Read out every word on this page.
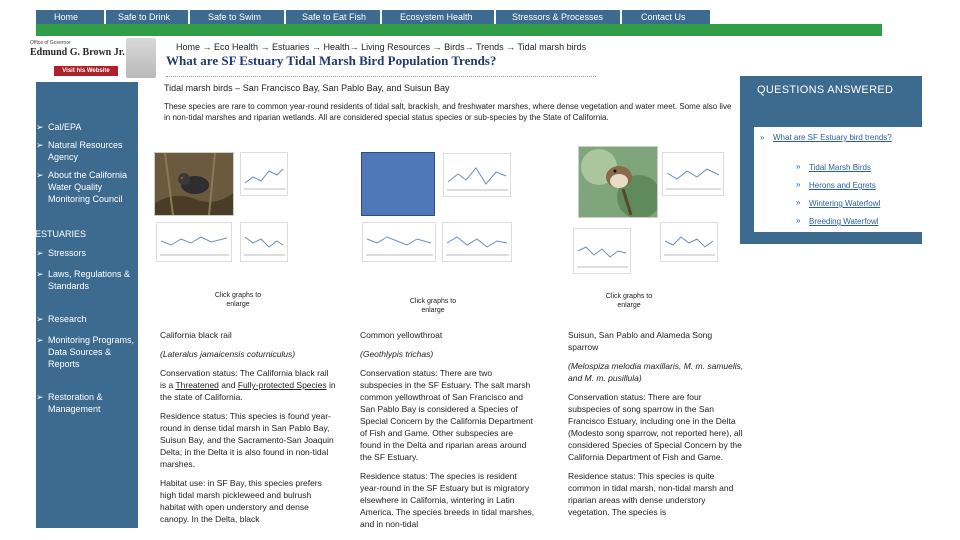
Home	Safe to Drink	Safe to Swim	Safe to Eat Fish	Ecosystem Health	Stressors & Processes	Contact Us
Office of Governor
Edmund G. Brown Jr.
Visit his Website
Home → Eco Health → Estuaries → Health→ Living Resources → Birds→ Trends → Tidal marsh birds
What are SF Estuary Tidal Marsh Bird Population Trends?
➢ Cal/EPA
➢ Natural Resources Agency
➢ About the California Water Quality Monitoring Council
ESTUARIES
➢ Stressors
➢ Laws, Regulations & Standards
➢ Research
➢ Monitoring Programs, Data Sources & Reports
➢ Restoration & Management
Tidal marsh birds – San Francisco Bay, San Pablo Bay, and Suisun Bay
These species are rare to common year-round residents of tidal salt, brackish, and freshwater marshes, where dense vegetation and water meet. Some also live in non-tidal marshes and riparian wetlands. All are considered special status species or sub-species by the State of California.
QUESTIONS ANSWERED
» What are SF Estuary bird trends?
» Tidal Marsh Birds
» Herons and Egrets
» Wintering Waterfowl
» Breeding Waterfowl
Click graphs to enlarge	Click graphs to enlarge
Click graphs to enlarge

California black rail

(Lateralus jamaicensis coturniculus)

Conservation status: The California black rail is a Threatened and Fully-protected Species in the state of California.

Residence status: This species is found year-round in dense tidal marsh in San Pablo Bay, Suisun Bay, and the Sacramento-San Joaquin Delta; in the Delta it is also found in non-tidal marshes.

Habitat use: in SF Bay, this species prefers high tidal marsh pickleweed and bulrush habitat with open understory and dense canopy. In the Delta, black

Common yellowthroat

(Geothlypis trichas)

Conservation status: There are two subspecies in the SF Estuary. The salt marsh common yellowthroat of San Francisco and San Pablo Bay is considered a Species of Special Concern by the California Department of Fish and Game. Other subspecies are found in the Delta and riparian areas around the SF Estuary.

Residence status: The species is resident year-round in the SF Estuary but is migratory elsewhere in California, wintering in Latin America. The species breeds in tidal marshes, and in non-tidal

Suisun, San Pablo and Alameda Song sparrow

(Melospiza melodia maxillaris, M. m. samuelis, and M. m. pusillula)

Conservation status: There are four subspecies of song sparrow in the San Francisco Estuary, including one in the Delta (Modesto song sparrow, not reported here), all considered Species of Special Concern by the California Department of Fish and Game.

Residence status: This species is quite common in tidal marsh, non-tidal marsh and riparian areas with dense understory vegetation. The species is
